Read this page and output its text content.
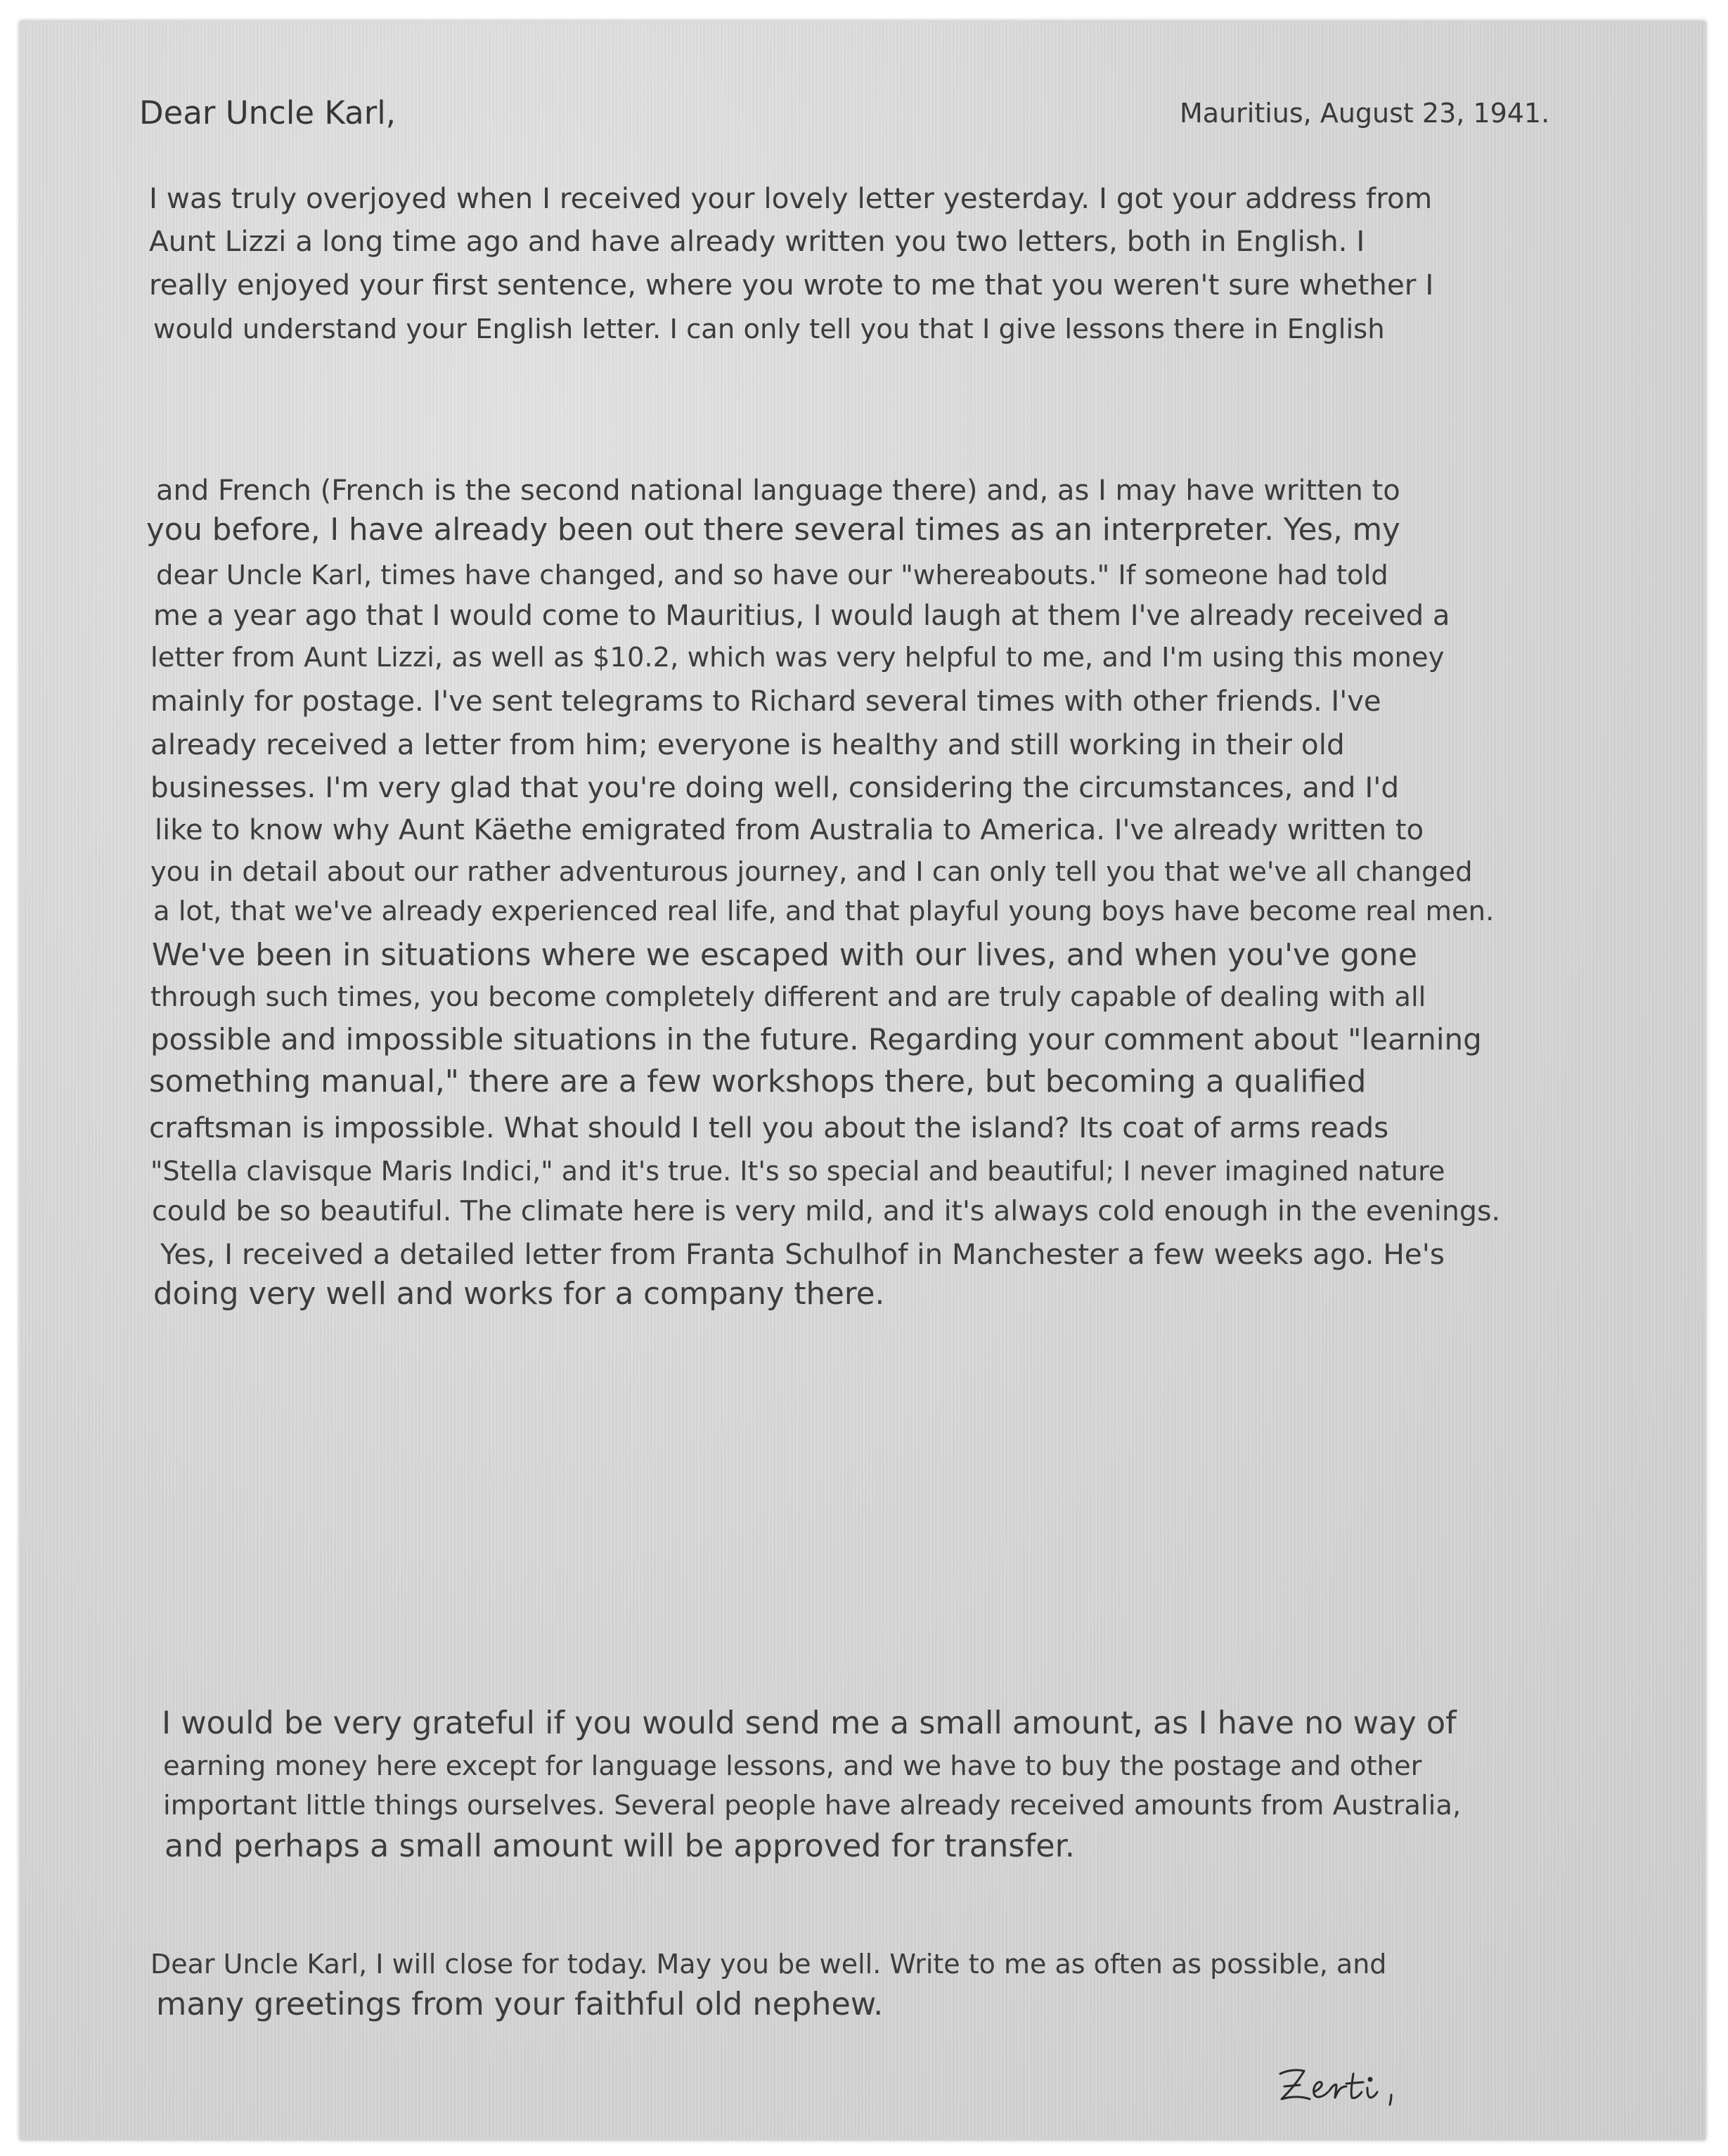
Dear Uncle Karl,	Mauritius, August 23, 1941.

I was truly overjoyed when I received your lovely letter yesterday. I got your address from

Aunt Lizzi a long time ago and have already written you two letters, both in English. I

really enjoyed your first sentence, where you wrote to me that you weren't sure whether I

would understand your English letter. I can only tell you that I give lessons there in English

and French (French is the second national language there) and, as I may have written to

you before, I have already been out there several times as an interpreter. Yes, my

dear Uncle Karl, times have changed, and so have our "whereabouts." If someone had told

me a year ago that I would come to Mauritius, I would laugh at them I've already received a

letter from Aunt Lizzi, as well as $10.2, which was very helpful to me, and I'm using this money

mainly for postage. I've sent telegrams to Richard several times with other friends. I've

already received a letter from him; everyone is healthy and still working in their old

businesses. I'm very glad that you're doing well, considering the circumstances, and I'd

like to know why Aunt Käethe emigrated from Australia to America. I've already written to

you in detail about our rather adventurous journey, and I can only tell you that we've all changed

a lot, that we've already experienced real life, and that playful young boys have become real men.

We've been in situations where we escaped with our lives, and when you've gone

through such times, you become completely different and are truly capable of dealing with all

possible and impossible situations in the future. Regarding your comment about "learning

something manual," there are a few workshops there, but becoming a qualified

craftsman is impossible. What should I tell you about the island? Its coat of arms reads

"Stella clavisque Maris Indici," and it's true. It's so special and beautiful; I never imagined nature

could be so beautiful. The climate here is very mild, and it's always cold enough in the evenings.

Yes, I received a detailed letter from Franta Schulhof in Manchester a few weeks ago. He's

doing very well and works for a company there.

I would be very grateful if you would send me a small amount, as I have no way of

earning money here except for language lessons, and we have to buy the postage and other

important little things ourselves. Several people have already received amounts from Australia,

and perhaps a small amount will be approved for transfer.

Dear Uncle Karl, I will close for today. May you be well. Write to me as often as possible, and

many greetings from your faithful old nephew.
